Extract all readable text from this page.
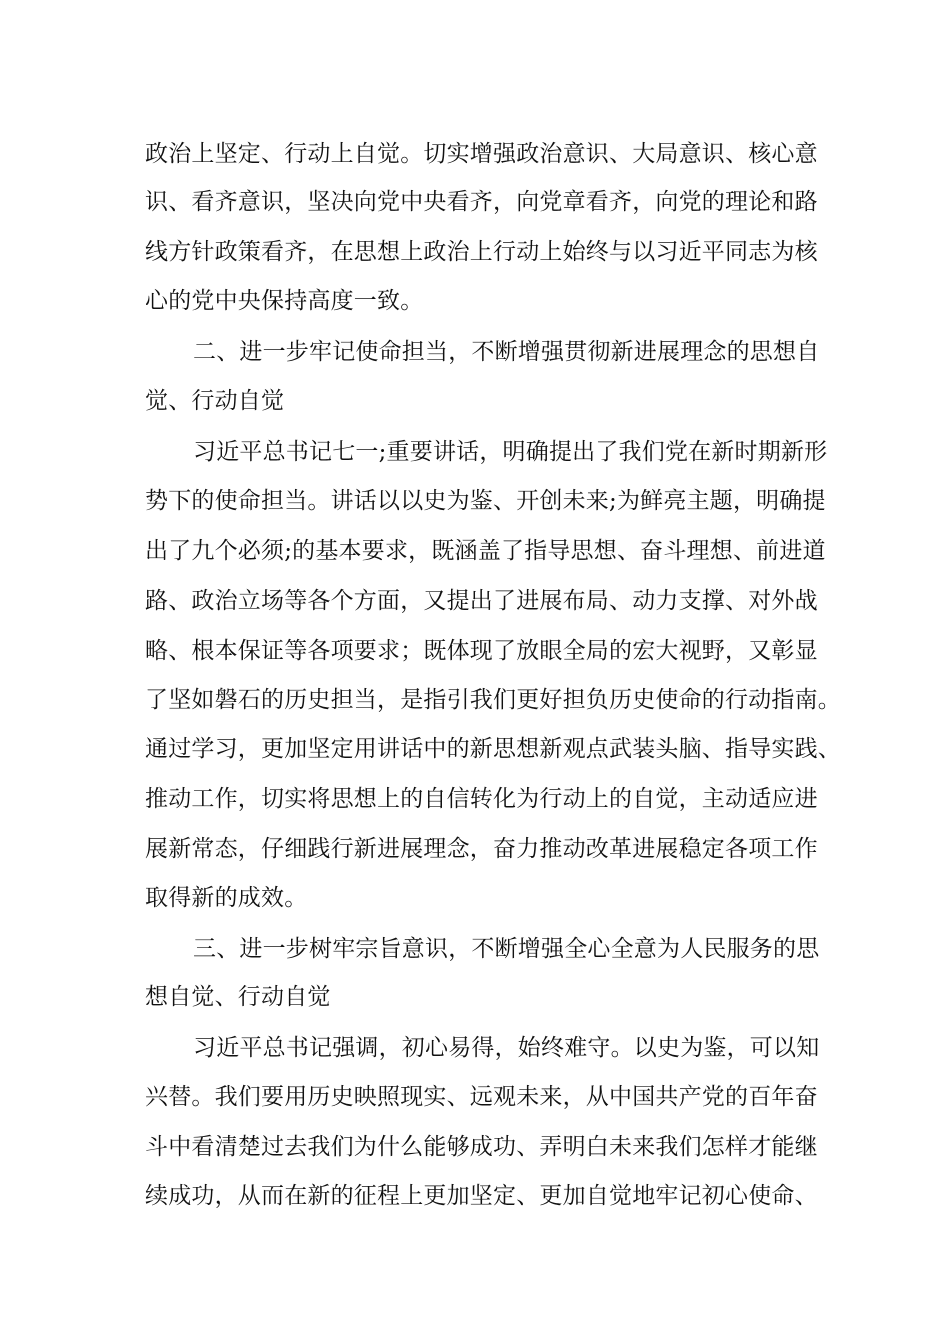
政治上坚定、行动上自觉。切实增强政治意识、大局意识、核心意
识、看齐意识，坚决向党中央看齐，向党章看齐，向党的理论和路
线方针政策看齐，在思想上政治上行动上始终与以习近平同志为核
心的党中央保持高度一致。
二、进一步牢记使命担当，不断增强贯彻新进展理念的思想自
觉、行动自觉
习近平总书记七一;重要讲话，明确提出了我们党在新时期新形
势下的使命担当。讲话以以史为鉴、开创未来;为鲜亮主题，明确提
出了九个必须;的基本要求，既涵盖了指导思想、奋斗理想、前进道
路、政治立场等各个方面，又提出了进展布局、动力支撑、对外战
略、根本保证等各项要求；既体现了放眼全局的宏大视野，又彰显
了坚如磐石的历史担当，是指引我们更好担负历史使命的行动指南。
通过学习，更加坚定用讲话中的新思想新观点武装头脑、指导实践、
推动工作，切实将思想上的自信转化为行动上的自觉，主动适应进
展新常态，仔细践行新进展理念，奋力推动改革进展稳定各项工作
取得新的成效。
三、进一步树牢宗旨意识，不断增强全心全意为人民服务的思
想自觉、行动自觉
习近平总书记强调，初心易得，始终难守。以史为鉴，可以知
兴替。我们要用历史映照现实、远观未来，从中国共产党的百年奋
斗中看清楚过去我们为什么能够成功、弄明白未来我们怎样才能继
续成功，从而在新的征程上更加坚定、更加自觉地牢记初心使命、
